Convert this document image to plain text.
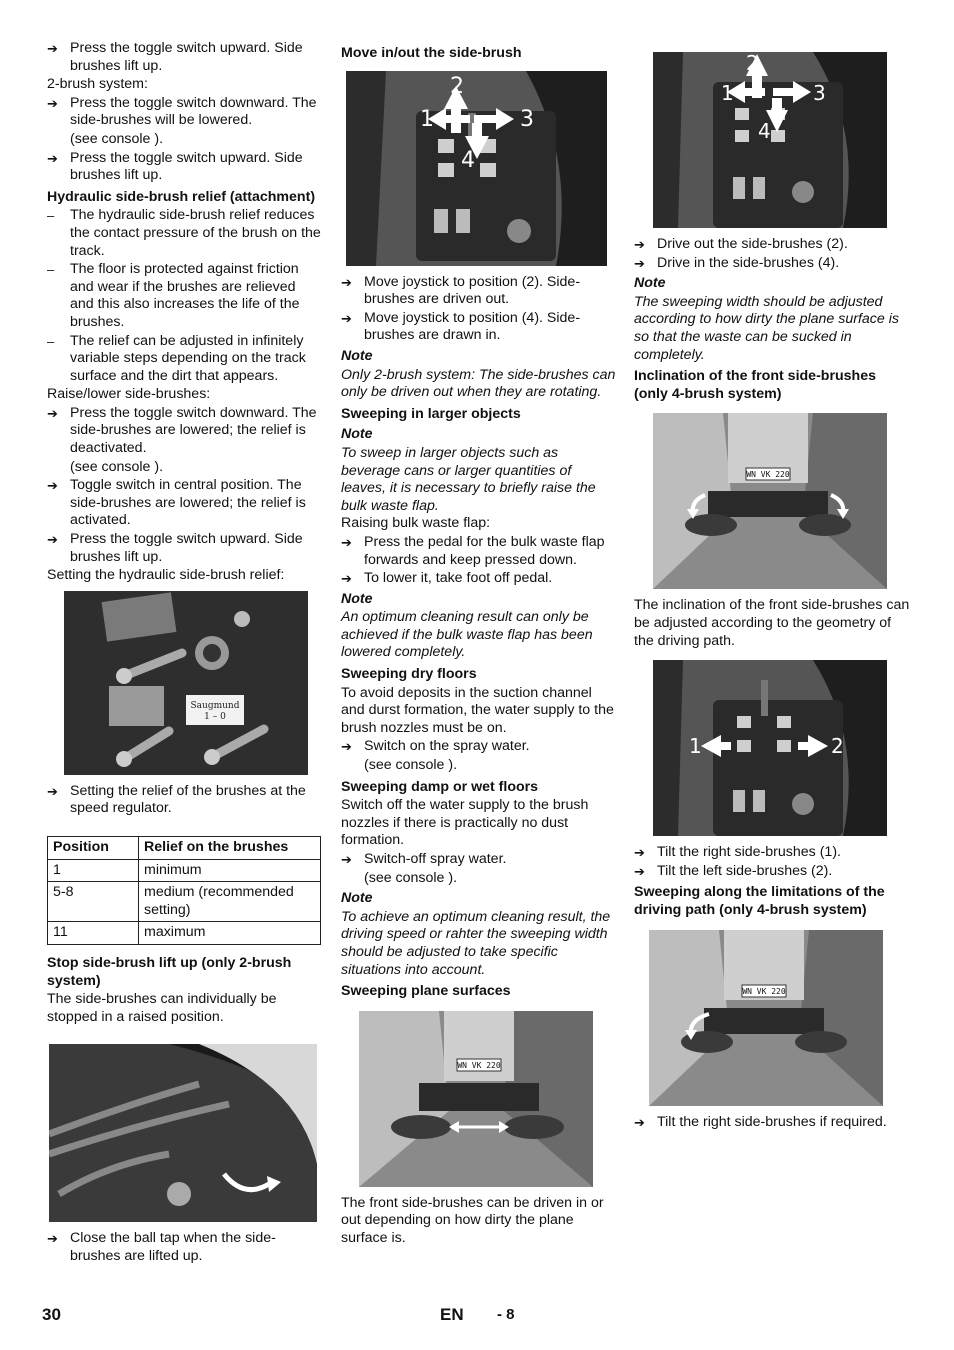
➔ Press the toggle switch upward. Side brushes lift up.
2-brush system:
➔ Press the toggle switch downward. The side-brushes will be lowered.
(see console ).
➔ Press the toggle switch upward. Side brushes lift up.
Hydraulic side-brush relief (attachment)
– The hydraulic side-brush relief reduces the contact pressure of the brush on the track.
– The floor is protected against friction and wear if the brushes are relieved and this also increases the life of the brushes.
– The relief can be adjusted in infinitely variable steps depending on the track surface and the dirt that appears.
Raise/lower side-brushes:
➔ Press the toggle switch downward. The side-brushes are lowered; the relief is deactivated.
(see console ).
➔ Toggle switch in central position. The side-brushes are lowered; the relief is activated.
➔ Press the toggle switch upward. Side brushes lift up.
Setting the hydraulic side-brush relief:
Saugmund
1 – 0
➔ Setting the relief of the brushes at the speed regulator.
Position	Relief on the brushes
1	minimum
5-8	medium (recommended setting)
11	maximum
Stop side-brush lift up (only 2-brush system)
The side-brushes can individually be stopped in a raised position.
➔ Close the ball tap when the side-brushes are lifted up.
Move in/out the side-brush
1
2
3
4
➔ Move joystick to position (2). Side-brushes are driven out.
➔ Move joystick to position (4). Side-brushes are drawn in.
Note
Only 2-brush system: The side-brushes can only be driven out when they are rotating.
Sweeping in larger objects
Note
To sweep in larger objects such as beverage cans or larger quantities of leaves, it is necessary to briefly raise the bulk waste flap.
Raising bulk waste flap:
➔ Press the pedal for the bulk waste flap forwards and keep pressed down.
➔ To lower it, take foot off pedal.
Note
An optimum cleaning result can only be achieved if the bulk waste flap has been lowered completely.
Sweeping dry floors
To avoid deposits in the suction channel and durst formation, the water supply to the brush nozzles must be on.
➔ Switch on the spray water.
(see console ).
Sweeping damp or wet floors
Switch off the water supply to the brush nozzles if there is practically no dust formation.
➔ Switch-off spray water.
(see console ).
Note
To achieve an optimum cleaning result, the driving speed or rahter the sweeping width should be adjusted to take specific situations into account.
Sweeping plane surfaces
WN VK 220
The front side-brushes can be driven in or out depending on how dirty the plane surface is.
1
2
3
4
➔ Drive out the side-brushes (2).
➔ Drive in the side-brushes (4).
Note
The sweeping width should be adjusted according to how dirty the plane surface is so that the waste can be sucked in completely.
Inclination of the front side-brushes (only 4-brush system)
WN VK 220
The inclination of the front side-brushes can be adjusted according to the geometry of the driving path.
1	2
➔ Tilt the right side-brushes (1).
➔ Tilt the left side-brushes (2).
Sweeping along the limitations of the driving path (only 4-brush system)
WN VK 220
➔ Tilt the right side-brushes if required.
30	EN - 8
